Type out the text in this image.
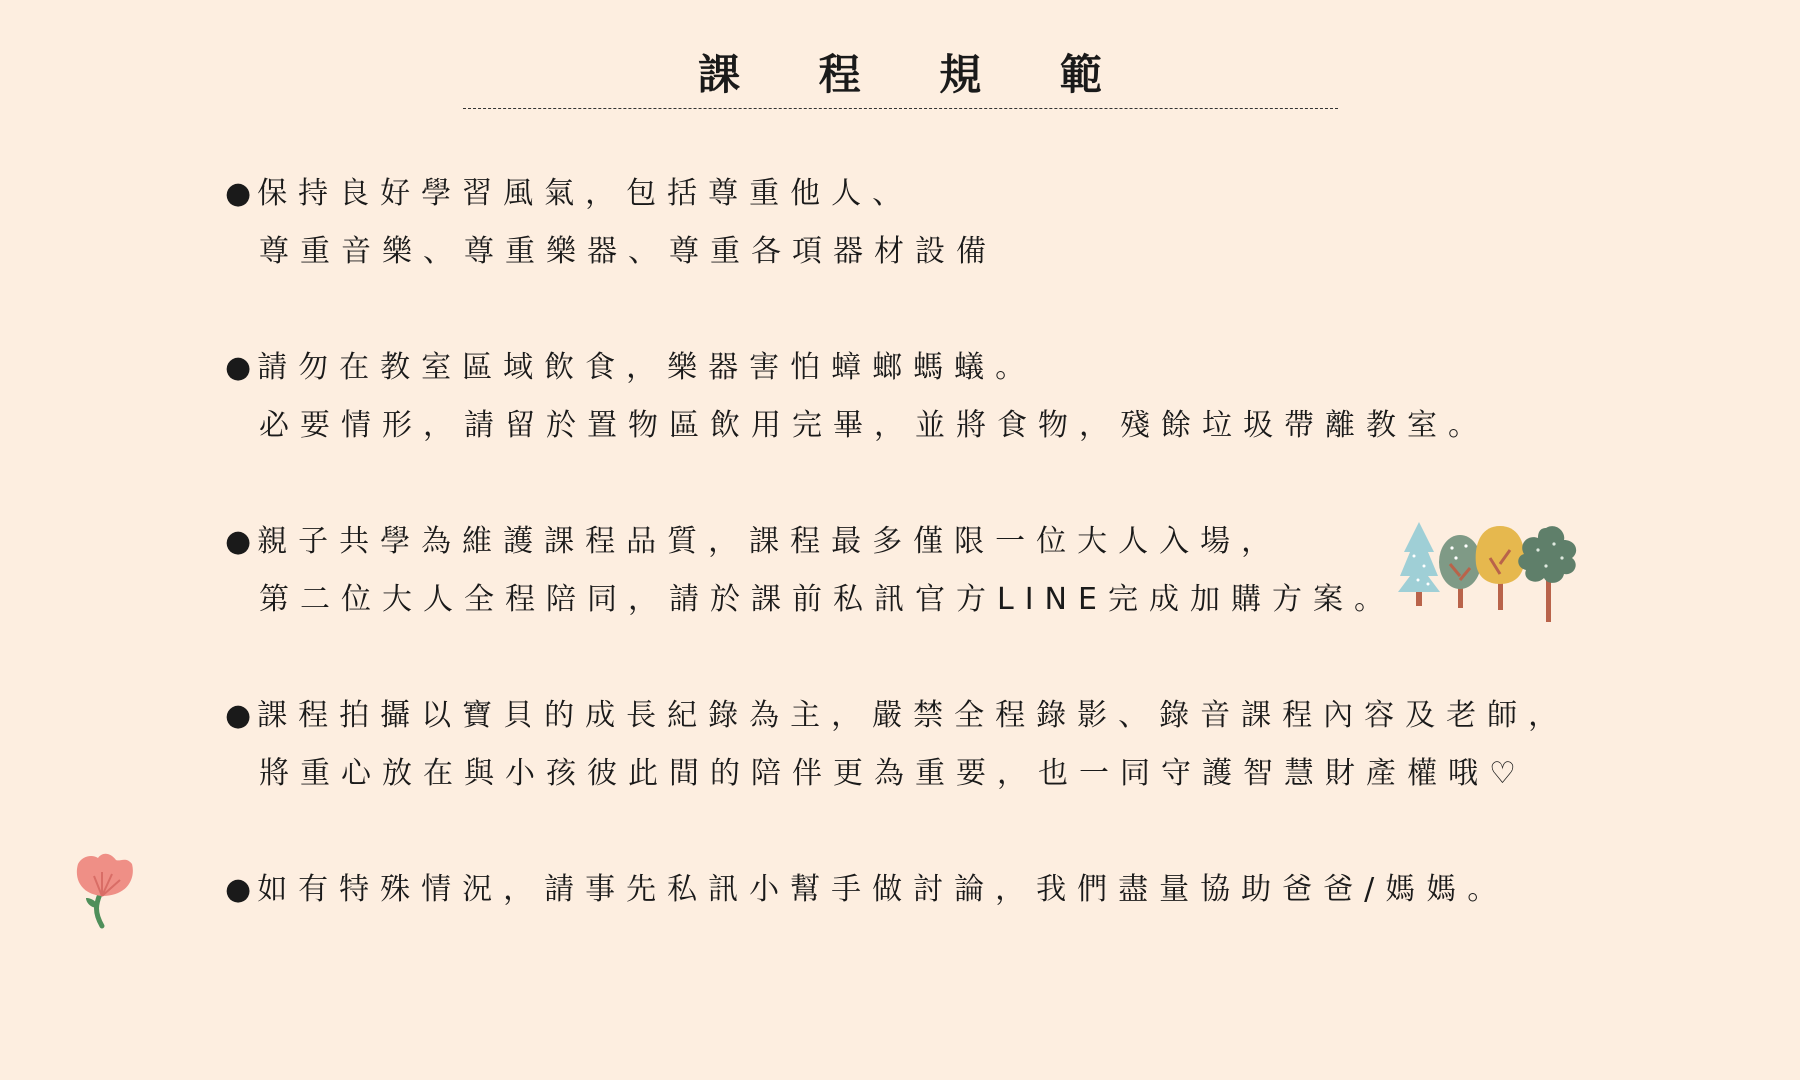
課 程 規 範
● 保持良好學習風氣，包括尊重他人、
尊重音樂、尊重樂器、尊重各項器材設備
● 請勿在教室區域飲食，樂器害怕蟑螂螞蟻。
必要情形，請留於置物區飲用完畢，並將食物，殘餘垃圾帶離教室。
● 親子共學為維護課程品質，課程最多僅限一位大人入場，
第二位大人全程陪同，請於課前私訊官方LINE完成加購方案。
● 課程拍攝以寶貝的成長紀錄為主，嚴禁全程錄影、錄音課程內容及老師，
將重心放在與小孩彼此間的陪伴更為重要，也一同守護智慧財產權哦♡
● 如有特殊情況，請事先私訊小幫手做討論，我們盡量協助爸爸/媽媽。
